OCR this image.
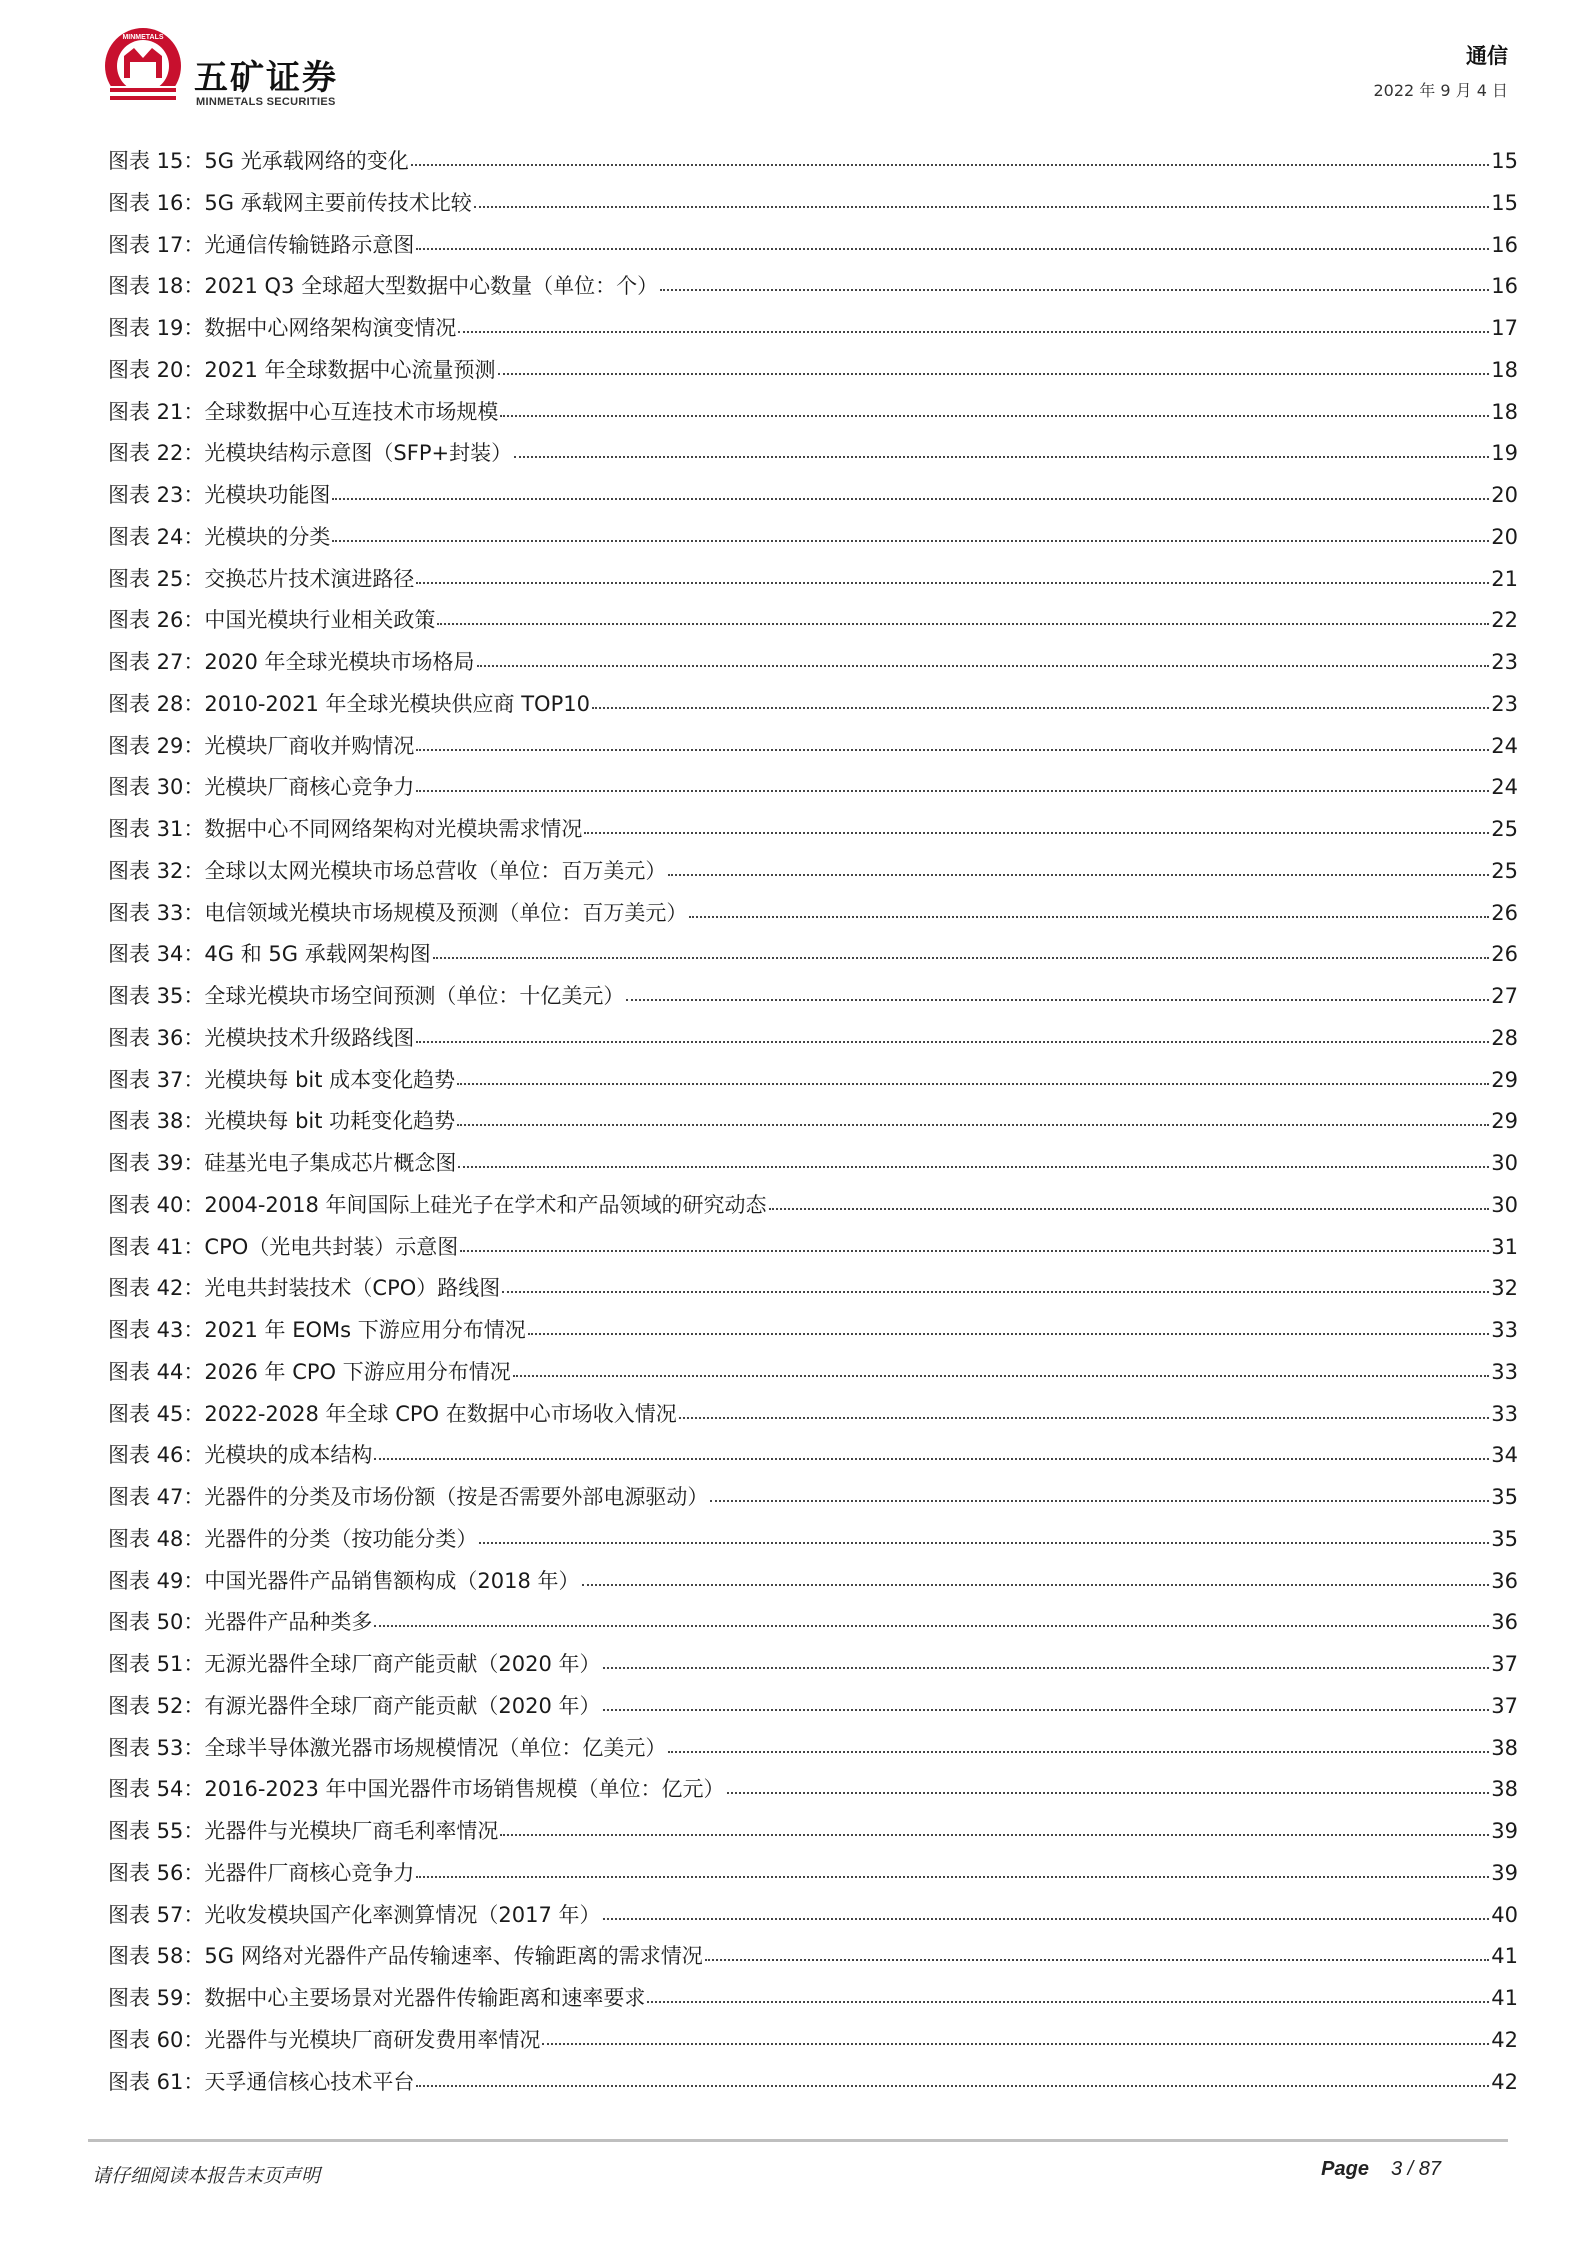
MINMETALS
五矿证券
MINMETALS SECURITIES
通信
2022 年 9 月 4 日
图表 15： 5G 光承载网络的变化	15
图表 16： 5G 承载网主要前传技术比较	15
图表 17： 光通信传输链路示意图	16
图表 18： 2021 Q3 全球超大型数据中心数量（单位：个）	16
图表 19： 数据中心网络架构演变情况	17
图表 20： 2021 年全球数据中心流量预测	18
图表 21： 全球数据中心互连技术市场规模	18
图表 22： 光模块结构示意图（SFP+封装）	19
图表 23： 光模块功能图	20
图表 24： 光模块的分类	20
图表 25： 交换芯片技术演进路径	21
图表 26： 中国光模块行业相关政策	22
图表 27： 2020 年全球光模块市场格局	23
图表 28： 2010-2021 年全球光模块供应商 TOP10	23
图表 29： 光模块厂商收并购情况	24
图表 30： 光模块厂商核心竞争力	24
图表 31： 数据中心不同网络架构对光模块需求情况	25
图表 32： 全球以太网光模块市场总营收（单位：百万美元）	25
图表 33： 电信领域光模块市场规模及预测（单位：百万美元）	26
图表 34： 4G 和 5G 承载网架构图	26
图表 35： 全球光模块市场空间预测（单位：十亿美元）	27
图表 36： 光模块技术升级路线图	28
图表 37： 光模块每 bit 成本变化趋势	29
图表 38： 光模块每 bit 功耗变化趋势	29
图表 39： 硅基光电子集成芯片概念图	30
图表 40： 2004-2018 年间国际上硅光子在学术和产品领域的研究动态	30
图表 41： CPO（光电共封装）示意图	31
图表 42： 光电共封装技术（CPO）路线图	32
图表 43： 2021 年 EOMs 下游应用分布情况	33
图表 44： 2026 年 CPO 下游应用分布情况	33
图表 45： 2022-2028 年全球 CPO 在数据中心市场收入情况	33
图表 46： 光模块的成本结构	34
图表 47： 光器件的分类及市场份额（按是否需要外部电源驱动）	35
图表 48： 光器件的分类（按功能分类）	35
图表 49： 中国光器件产品销售额构成（2018 年）	36
图表 50： 光器件产品种类多	36
图表 51： 无源光器件全球厂商产能贡献（2020 年）	37
图表 52： 有源光器件全球厂商产能贡献（2020 年）	37
图表 53： 全球半导体激光器市场规模情况（单位：亿美元）	38
图表 54： 2016-2023 年中国光器件市场销售规模（单位：亿元）	38
图表 55： 光器件与光模块厂商毛利率情况	39
图表 56： 光器件厂商核心竞争力	39
图表 57： 光收发模块国产化率测算情况（2017 年）	40
图表 58： 5G 网络对光器件产品传输速率、传输距离的需求情况	41
图表 59： 数据中心主要场景对光器件传输距离和速率要求	41
图表 60： 光器件与光模块厂商研发费用率情况	42
图表 61： 天孚通信核心技术平台	42
请仔细阅读本报告末页声明	Page 3 / 87
